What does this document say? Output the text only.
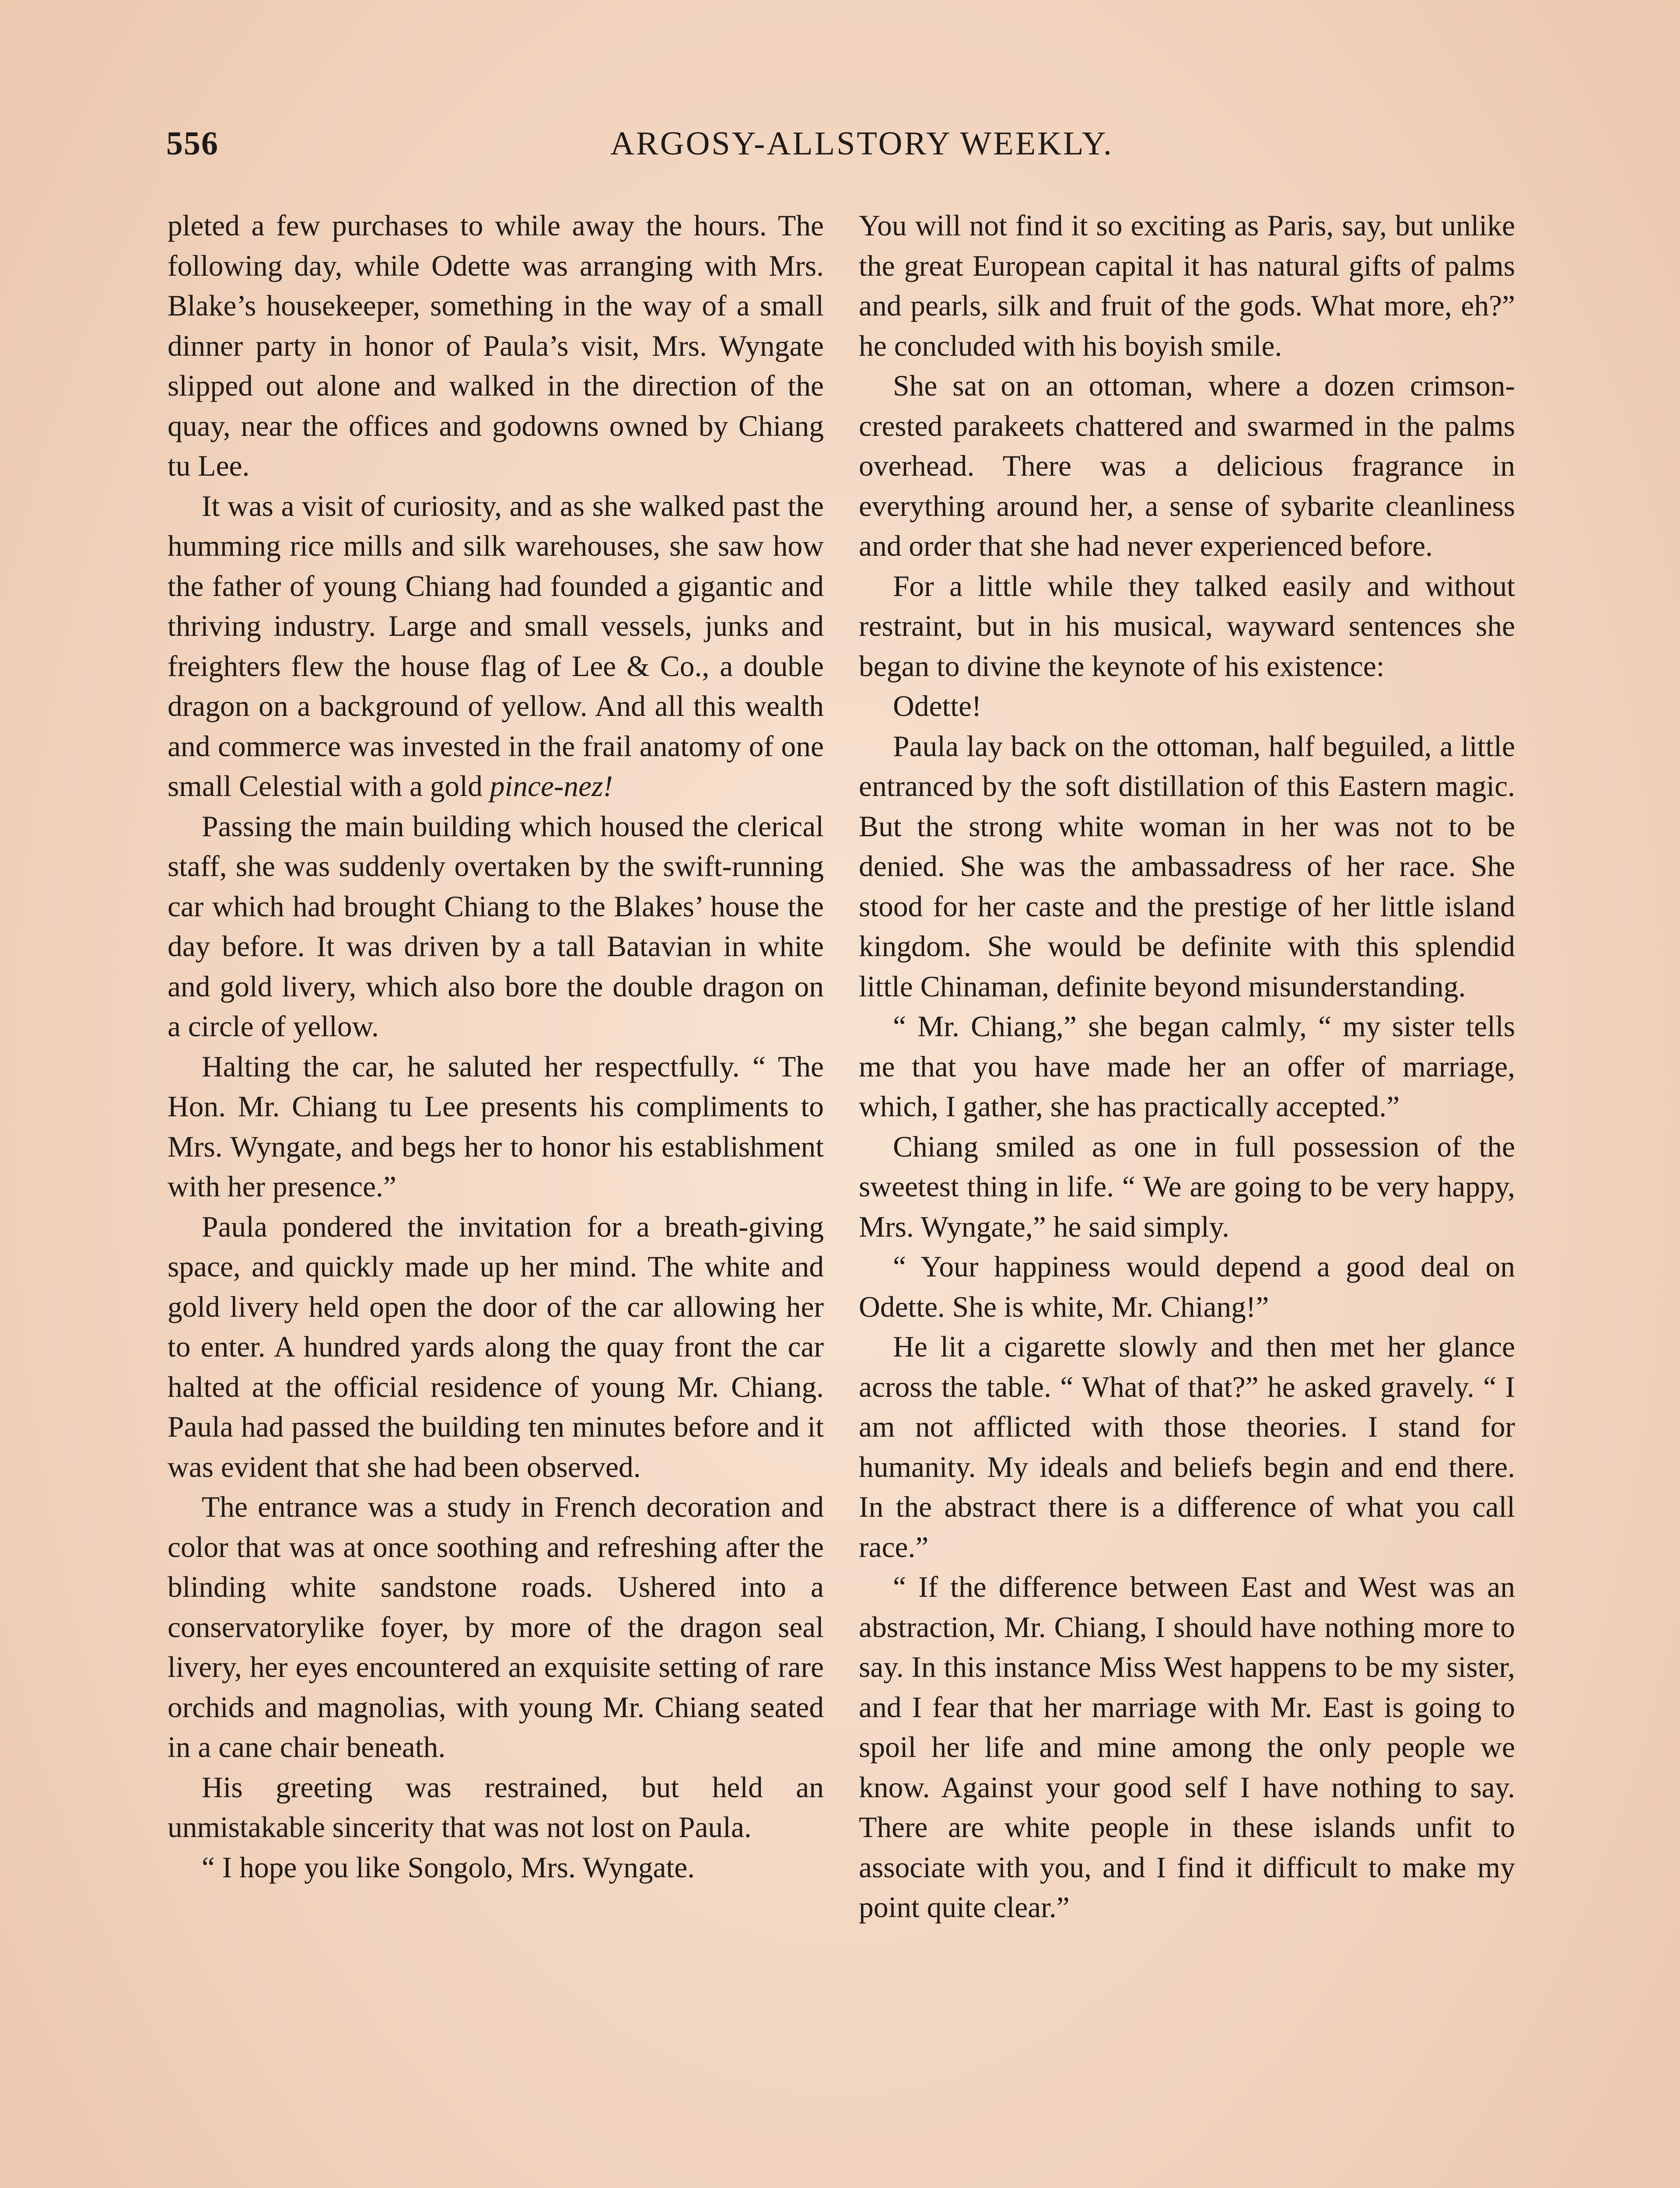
556	ARGOSY-ALLSTORY WEEKLY.

pleted a few purchases to while away the hours. The following day, while Odette was arranging with Mrs. Blake’s housekeeper, something in the way of a small dinner party in honor of Paula’s visit, Mrs. Wyngate slipped out alone and walked in the direction of the quay, near the offices and godowns owned by Chiang tu Lee.

It was a visit of curiosity, and as she walked past the humming rice mills and silk warehouses, she saw how the father of young Chiang had founded a gigantic and thriving industry. Large and small vessels, junks and freighters flew the house flag of Lee & Co., a double dragon on a background of yellow. And all this wealth and commerce was invested in the frail anatomy of one small Celestial with a gold pince-nez!

Passing the main building which housed the clerical staff, she was suddenly overtaken by the swift-running car which had brought Chiang to the Blakes’ house the day before. It was driven by a tall Batavian in white and gold livery, which also bore the double dragon on a circle of yellow.

Halting the car, he saluted her respectfully. “ The Hon. Mr. Chiang tu Lee presents his compliments to Mrs. Wyngate, and begs her to honor his establishment with her presence.”

Paula pondered the invitation for a breath-giving space, and quickly made up her mind. The white and gold livery held open the door of the car allowing her to enter. A hundred yards along the quay front the car halted at the official residence of young Mr. Chiang. Paula had passed the building ten minutes before and it was evident that she had been observed.

The entrance was a study in French decoration and color that was at once soothing and refreshing after the blinding white sandstone roads. Ushered into a conservatorylike foyer, by more of the dragon seal livery, her eyes encountered an exquisite setting of rare orchids and magnolias, with young Mr. Chiang seated in a cane chair beneath.

His greeting was restrained, but held an unmistakable sincerity that was not lost on Paula.

“ I hope you like Songolo, Mrs. Wyngate.

You will not find it so exciting as Paris, say, but unlike the great European capital it has natural gifts of palms and pearls, silk and fruit of the gods. What more, eh?” he concluded with his boyish smile.

She sat on an ottoman, where a dozen crimson-crested parakeets chattered and swarmed in the palms overhead. There was a delicious fragrance in everything around her, a sense of sybarite cleanliness and order that she had never experienced before.

For a little while they talked easily and without restraint, but in his musical, wayward sentences she began to divine the keynote of his existence:

Odette!

Paula lay back on the ottoman, half beguiled, a little entranced by the soft distillation of this Eastern magic. But the strong white woman in her was not to be denied. She was the ambassadress of her race. She stood for her caste and the prestige of her little island kingdom. She would be definite with this splendid little Chinaman, definite beyond misunderstanding.

“ Mr. Chiang,” she began calmly, “ my sister tells me that you have made her an offer of marriage, which, I gather, she has practically accepted.”

Chiang smiled as one in full possession of the sweetest thing in life. “ We are going to be very happy, Mrs. Wyngate,” he said simply.

“ Your happiness would depend a good deal on Odette. She is white, Mr. Chiang!”

He lit a cigarette slowly and then met her glance across the table. “ What of that?” he asked gravely. “ I am not afflicted with those theories. I stand for humanity. My ideals and beliefs begin and end there. In the abstract there is a difference of what you call race.”

“ If the difference between East and West was an abstraction, Mr. Chiang, I should have nothing more to say. In this instance Miss West happens to be my sister, and I fear that her marriage with Mr. East is going to spoil her life and mine among the only people we know. Against your good self I have nothing to say. There are white people in these islands unfit to associate with you, and I find it difficult to make my point quite clear.”
